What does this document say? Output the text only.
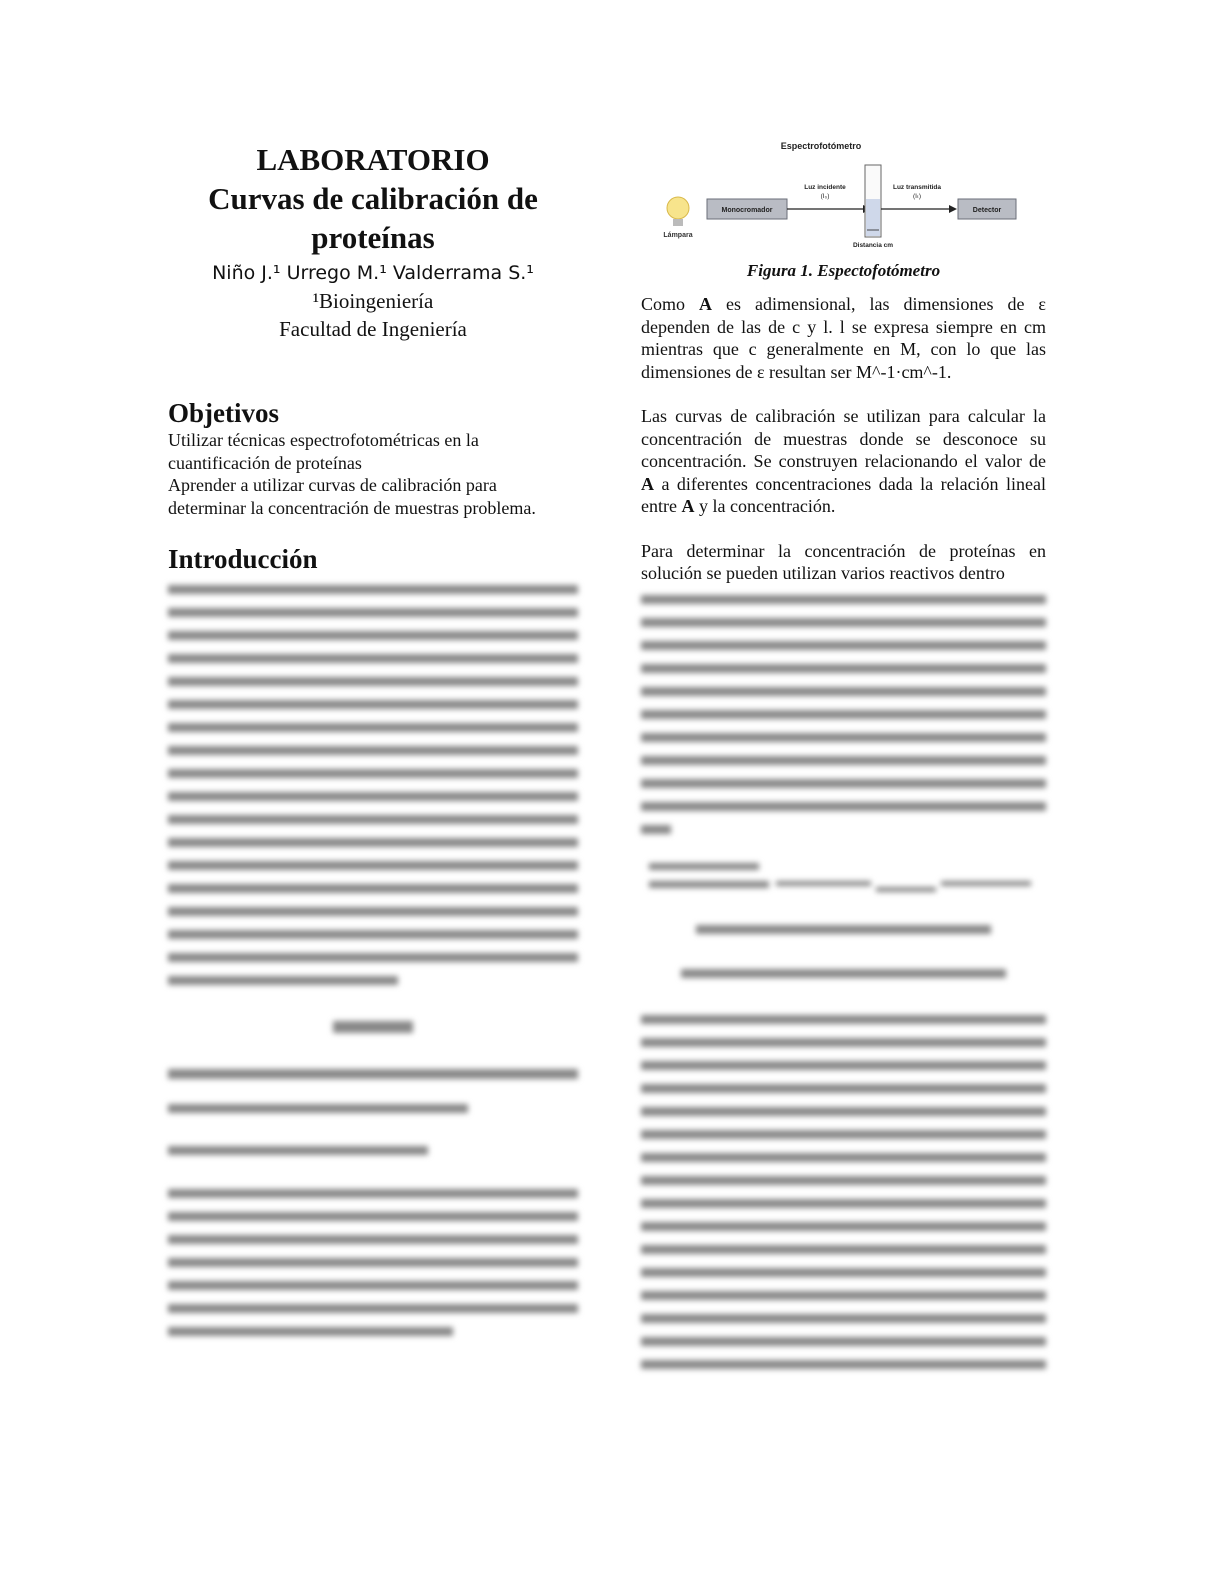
LABORATORIO
Curvas de calibración de proteínas
Niño J.¹ Urrego M.¹ Valderrama S.¹
¹Bioingeniería
Facultad de Ingeniería
Objetivos
Utilizar técnicas espectrofotométricas en la cuantificación de proteínas
Aprender a utilizar curvas de calibración para determinar la concentración de muestras problema.
Introducción
Espectrofotómetro
Lámpara
Monocromador
Luz incidente
(I₀)
Distancia cm
Luz transmitida
(Iₜ)
Detector
Figura 1. Espectofotómetro

Como A es adimensional, las dimensiones de ε dependen de las de c y l. l se expresa siempre en cm mientras que c generalmente en M, con lo que las dimensiones de ε resultan ser M^-1·cm^-1.

Las curvas de calibración se utilizan para calcular la concentración de muestras donde se desconoce su concentración. Se construyen relacionando el valor de A a diferentes concentraciones dada la relación lineal entre A y la concentración.

Para determinar la concentración de proteínas en solución se pueden utilizan varios reactivos dentro
